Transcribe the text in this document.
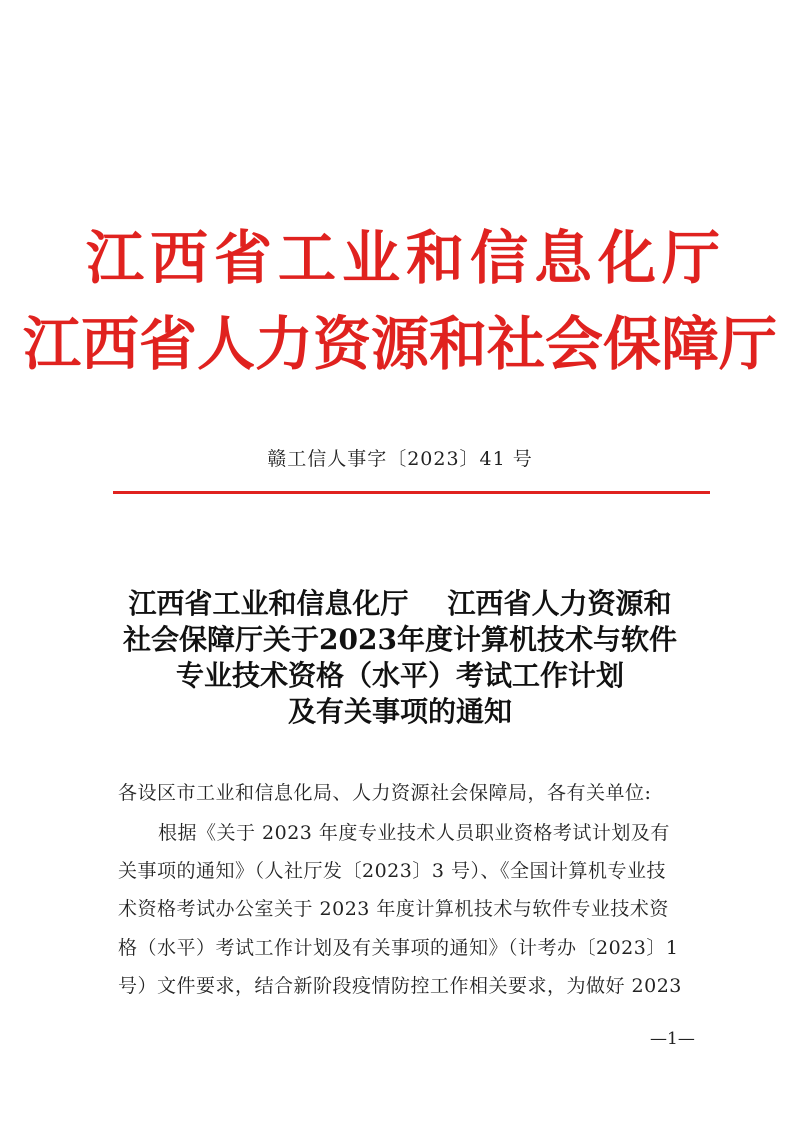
江西省工业和信息化厅
江西省人力资源和社会保障厅
赣工信人事字〔2023〕41 号
江西省工业和信息化厅    江西省人力资源和
社会保障厅关于2023年度计算机技术与软件
专业技术资格（水平）考试工作计划
及有关事项的通知
各设区市工业和信息化局、人力资源社会保障局，各有关单位:
根据《关于 2023 年度专业技术人员职业资格考试计划及有
关事项的通知》（人社厅发〔2023〕3 号）、《全国计算机专业技
术资格考试办公室关于 2023 年度计算机技术与软件专业技术资
格（水平）考试工作计划及有关事项的通知》（计考办〔2023〕1
号）文件要求，结合新阶段疫情防控工作相关要求，为做好 2023
—1—
